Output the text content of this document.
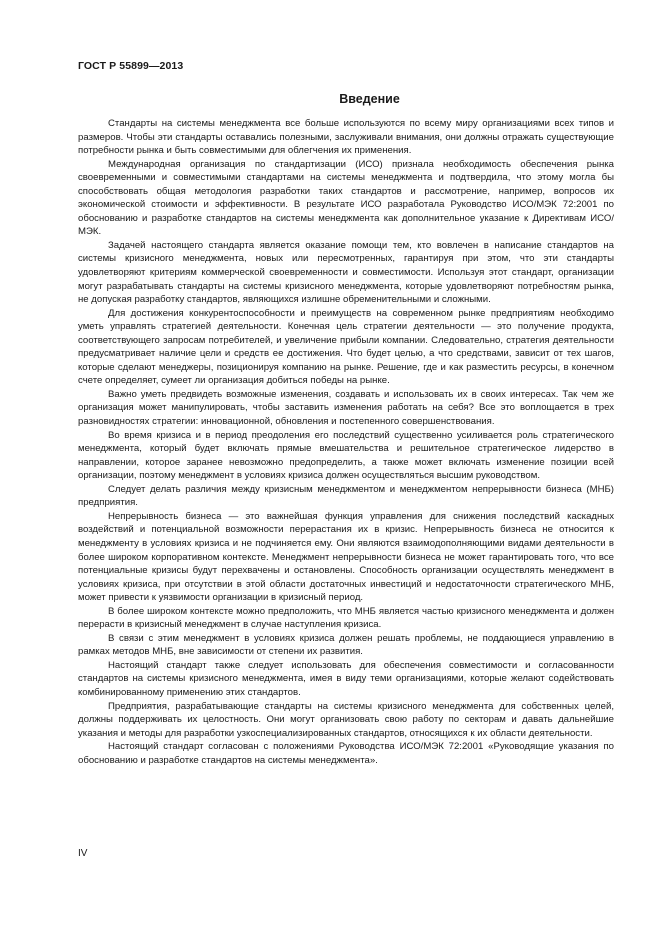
ГОСТ Р 55899—2013
Введение

Стандарты на системы менеджмента все больше используются по всему миру организациями всех типов и размеров. Чтобы эти стандарты оставались полезными, заслуживали внимания, они должны отражать существующие потребности рынка и быть совместимыми для облегчения их применения.

Международная организация по стандартизации (ИСО) признала необходимость обеспечения рынка своевременными и совместимыми стандартами на системы менеджмента и подтвердила, что этому могла бы способствовать общая методология разработки таких стандартов и рассмотрение, например, вопросов их экономической стоимости и эффективности. В результате ИСО разработала Руководство ИСО/МЭК 72:2001 по обоснованию и разработке стандартов на системы менеджмента как дополнительное указание к Директивам ИСО/МЭК.

Задачей настоящего стандарта является оказание помощи тем, кто вовлечен в написание стандартов на системы кризисного менеджмента, новых или пересмотренных, гарантируя при этом, что эти стандарты удовлетворяют критериям коммерческой своевременности и совместимости. Используя этот стандарт, организации могут разрабатывать стандарты на системы кризисного менеджмента, которые удовлетворяют потребностям рынка, не допуская разработку стандартов, являющихся излишне обременительными и сложными.

Для достижения конкурентоспособности и преимуществ на современном рынке предприятиям необходимо уметь управлять стратегией деятельности. Конечная цель стратегии деятельности — это получение продукта, соответствующего запросам потребителей, и увеличение прибыли компании. Следовательно, стратегия деятельности предусматривает наличие цели и средств ее достижения. Что будет целью, а что средствами, зависит от тех шагов, которые сделают менеджеры, позиционируя компанию на рынке. Решение, где и как разместить ресурсы, в конечном счете определяет, сумеет ли организация добиться победы на рынке.

Важно уметь предвидеть возможные изменения, создавать и использовать их в своих интересах. Так чем же организация может манипулировать, чтобы заставить изменения работать на себя? Все это воплощается в трех разновидностях стратегии: инновационной, обновления и постепенного совершенствования.

Во время кризиса и в период преодоления его последствий существенно усиливается роль стратегического менеджмента, который будет включать прямые вмешательства и решительное стратегическое лидерство в направлении, которое заранее невозможно предопределить, а также может включать изменение позиции всей организации, поэтому менеджмент в условиях кризиса должен осуществляться высшим руководством.

Следует делать различия между кризисным менеджментом и менеджментом непрерывности бизнеса (МНБ) предприятия.

Непрерывность бизнеса — это важнейшая функция управления для снижения последствий каскадных воздействий и потенциальной возможности перерастания их в кризис. Непрерывность бизнеса не относится к менеджменту в условиях кризиса и не подчиняется ему. Они являются взаимодополняющими видами деятельности в более широком корпоративном контексте. Менеджмент непрерывности бизнеса не может гарантировать того, что все потенциальные кризисы будут перехвачены и остановлены. Способность организации осуществлять менеджмент в условиях кризиса, при отсутствии в этой области достаточных инвестиций и недостаточности стратегического МНБ, может привести к уязвимости организации в кризисный период.

В более широком контексте можно предположить, что МНБ является частью кризисного менеджмента и должен перерасти в кризисный менеджмент в случае наступления кризиса.

В связи с этим менеджмент в условиях кризиса должен решать проблемы, не поддающиеся управлению в рамках методов МНБ, вне зависимости от степени их развития.

Настоящий стандарт также следует использовать для обеспечения совместимости и согласованности стандартов на системы кризисного менеджмента, имея в виду теми организациями, которые желают содействовать комбинированному применению этих стандартов.

Предприятия, разрабатывающие стандарты на системы кризисного менеджмента для собственных целей, должны поддерживать их целостность. Они могут организовать свою работу по секторам и давать дальнейшие указания и методы для разработки узкоспециализированных стандартов, относящихся к их области деятельности.

Настоящий стандарт согласован с положениями Руководства ИСО/МЭК 72:2001 «Руководящие указания по обоснованию и разработке стандартов на системы менеджмента».

IV
